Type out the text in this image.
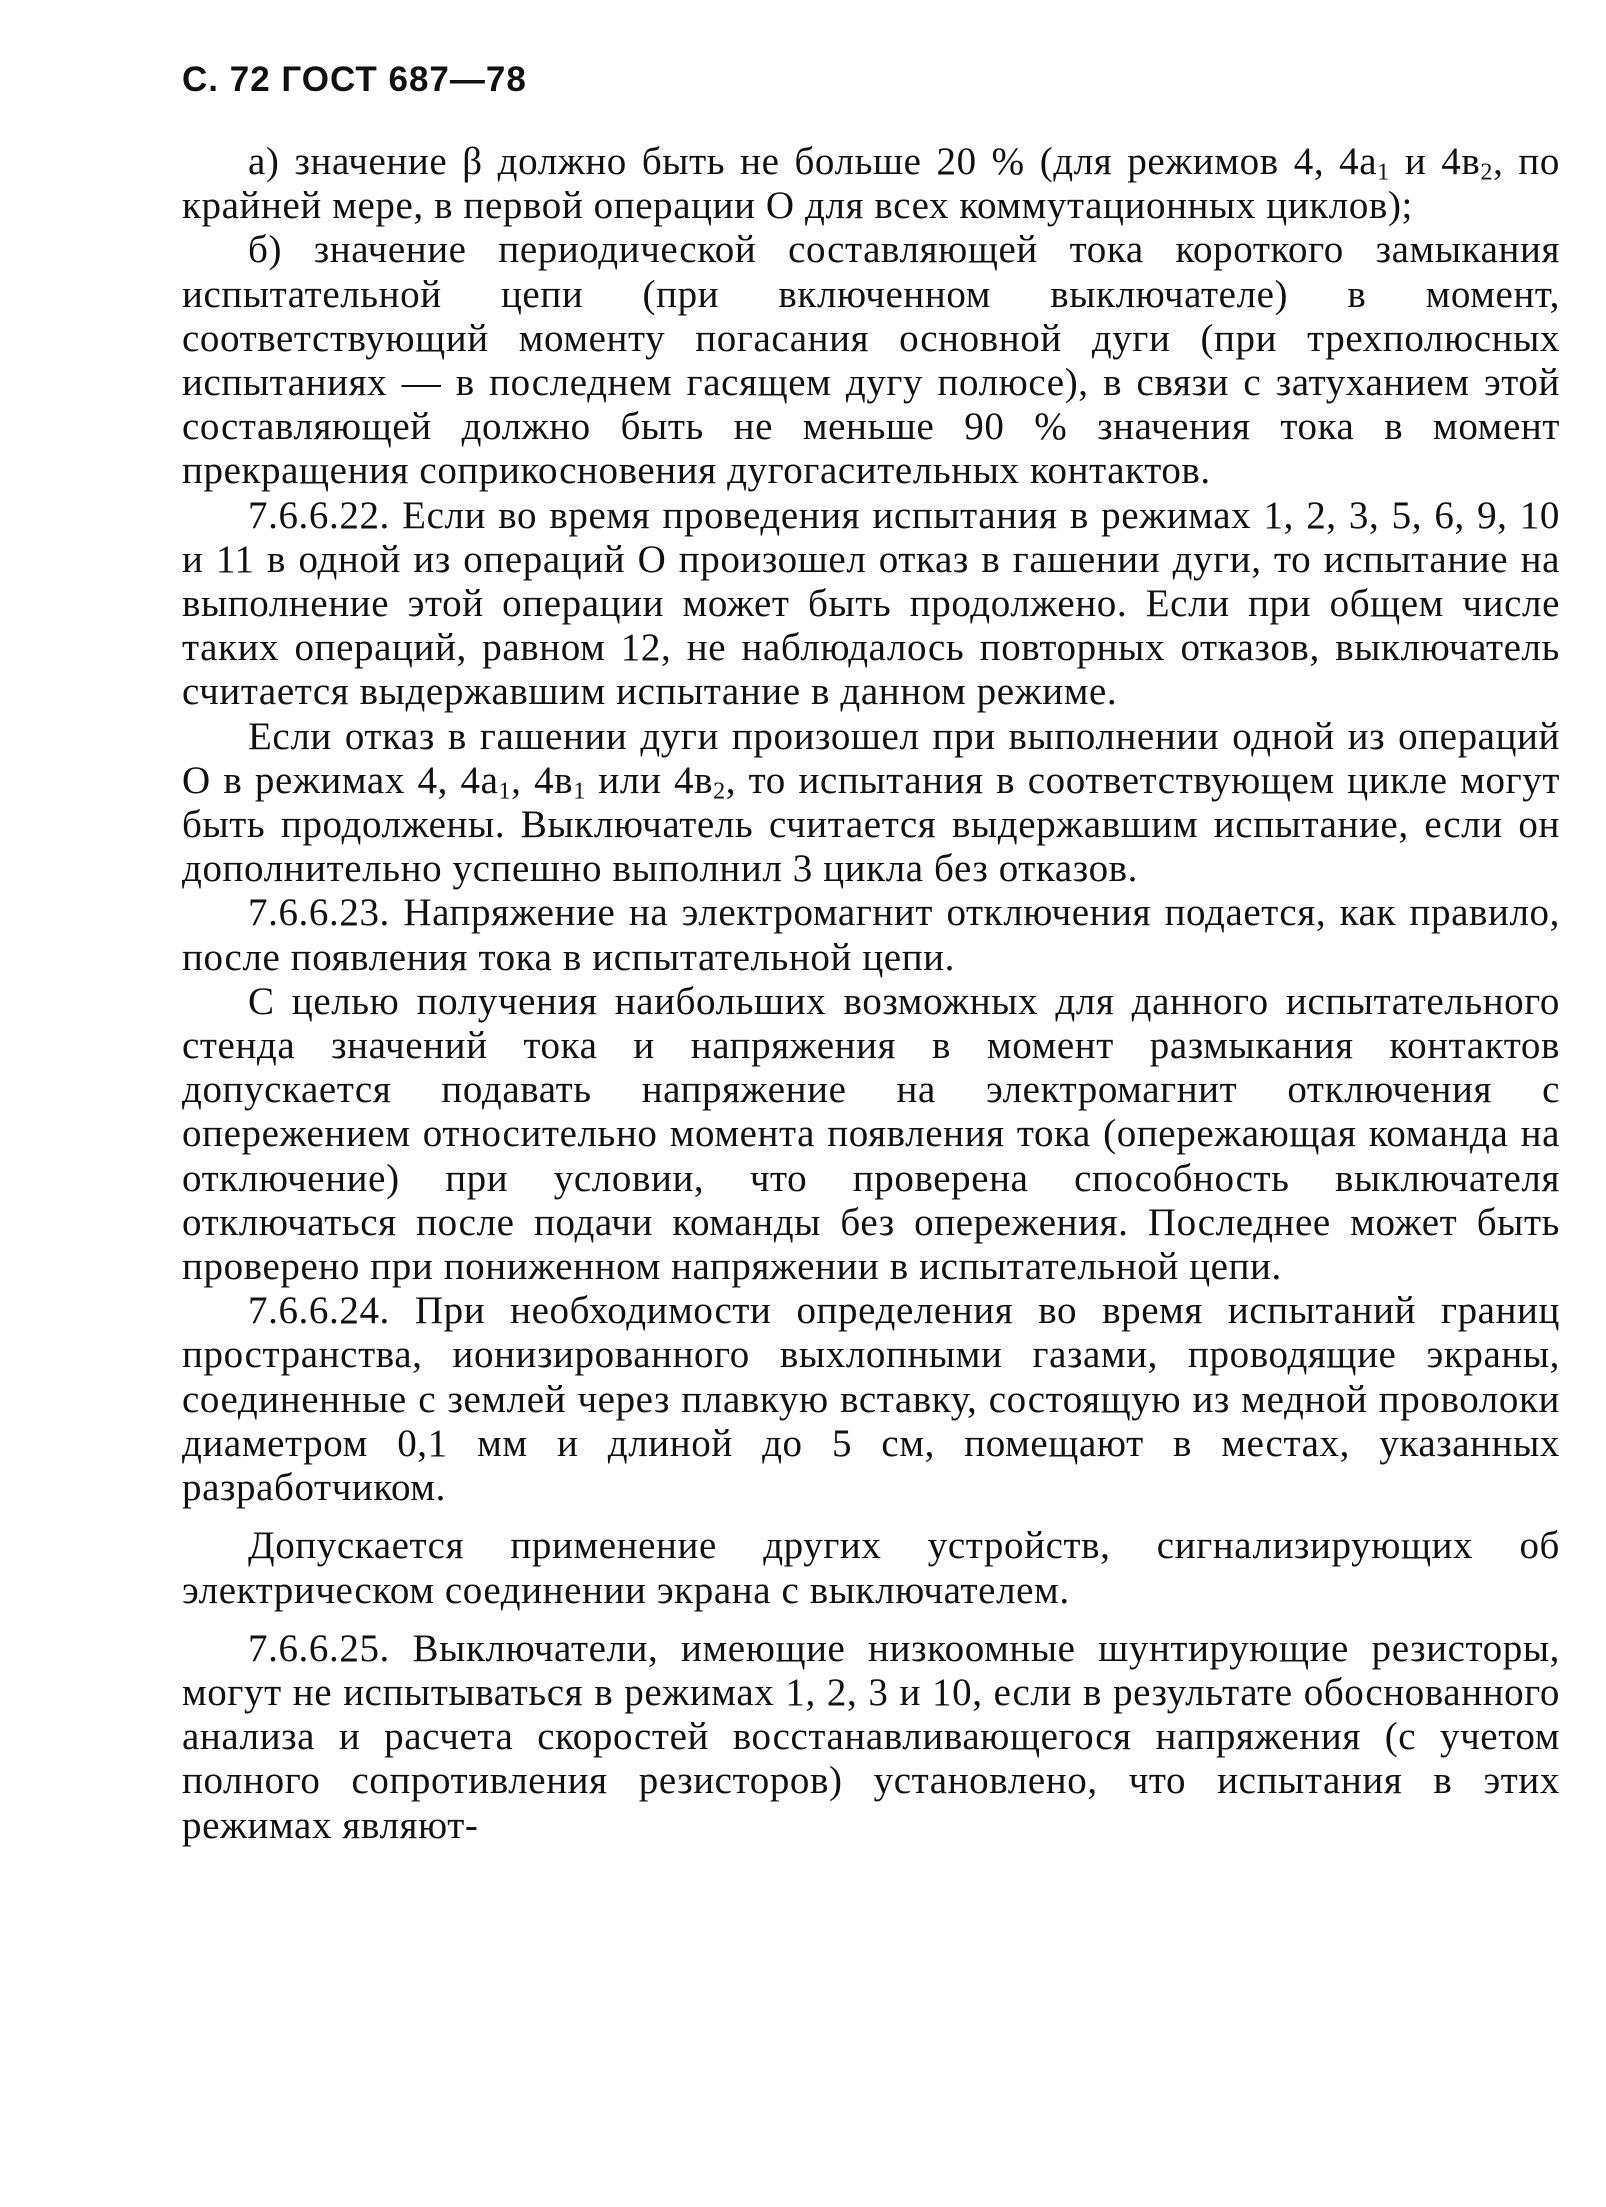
С. 72 ГОСТ 687—78

а) значение β должно быть не больше 20 % (для режимов 4, $4а_1$ и $4в_2$, по крайней мере, в первой операции О для всех коммутационных циклов);

б) значение периодической составляющей тока короткого замыкания испытательной цепи (при включенном выключателе) в момент, соответствующий моменту погасания основной дуги (при трехполюсных испытаниях — в последнем гасящем дугу полюсе), в связи с затуханием этой составляющей должно быть не меньше 90 % значения тока в момент прекращения соприкосновения дугогасительных контактов.

7.6.6.22. Если во время проведения испытания в режимах 1, 2, 3, 5, 6, 9, 10 и 11 в одной из операций О произошел отказ в гашении дуги, то испытание на выполнение этой операции может быть продолжено. Если при общем числе таких операций, равном 12, не наблюдалось повторных отказов, выключатель считается выдержавшим испытание в данном режиме.

Если отказ в гашении дуги произошел при выполнении одной из операций О в режимах 4, $4а_1$, $4в_1$ или $4в_2$, то испытания в соответствующем цикле могут быть продолжены. Выключатель считается выдержавшим испытание, если он дополнительно успешно выполнил 3 цикла без отказов.

7.6.6.23. Напряжение на электромагнит отключения подается, как правило, после появления тока в испытательной цепи.

С целью получения наибольших возможных для данного испытательного стенда значений тока и напряжения в момент размыкания контактов допускается подавать напряжение на электромагнит отключения с опережением относительно момента появления тока (опережающая команда на отключение) при условии, что проверена способность выключателя отключаться после подачи команды без опережения. Последнее может быть проверено при пониженном напряжении в испытательной цепи.

7.6.6.24. При необходимости определения во время испытаний границ пространства, ионизированного выхлопными газами, проводящие экраны, соединенные с землей через плавкую вставку, состоящую из медной проволоки диаметром 0,1 мм и длиной до 5 см, помещают в местах, указанных разработчиком.

Допускается применение других устройств, сигнализирующих об электрическом соединении экрана с выключателем.

7.6.6.25. Выключатели, имеющие низкоомные шунтирующие резисторы, могут не испытываться в режимах 1, 2, 3 и 10, если в результате обоснованного анализа и расчета скоростей восстанавливающегося напряжения (с учетом полного сопротивления резисторов) установлено, что испытания в этих режимах являют-
